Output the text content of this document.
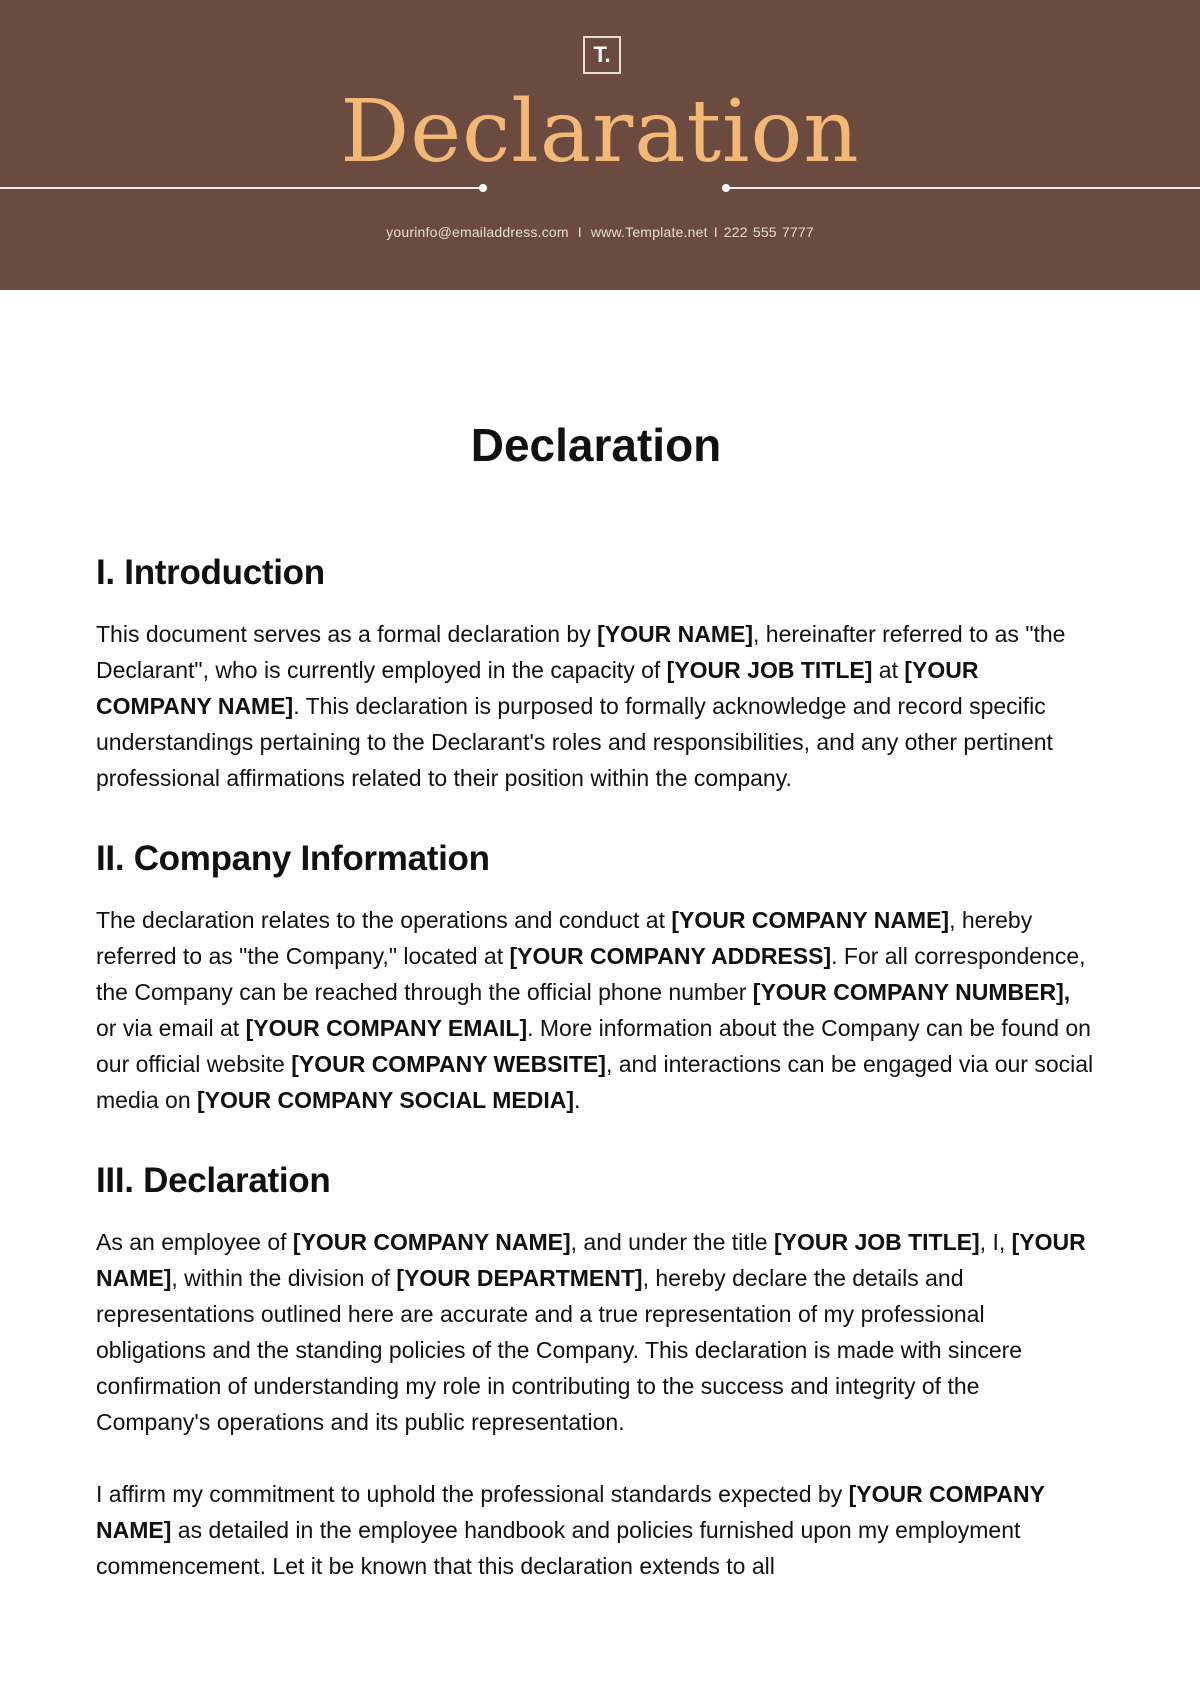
T.
Declaration
yourinfo@emailaddress.com I www.Template.net I 222 555 7777
Declaration
I. Introduction

This document serves as a formal declaration by [YOUR NAME], hereinafter referred to as "the Declarant", who is currently employed in the capacity of [YOUR JOB TITLE] at [YOUR COMPANY NAME]. This declaration is purposed to formally acknowledge and record specific understandings pertaining to the Declarant's roles and responsibilities, and any other pertinent professional affirmations related to their position within the company.

II. Company Information

The declaration relates to the operations and conduct at [YOUR COMPANY NAME], hereby referred to as "the Company," located at [YOUR COMPANY ADDRESS]. For all correspondence, the Company can be reached through the official phone number [YOUR COMPANY NUMBER], or via email at [YOUR COMPANY EMAIL]. More information about the Company can be found on our official website [YOUR COMPANY WEBSITE], and interactions can be engaged via our social media on [YOUR COMPANY SOCIAL MEDIA].

III. Declaration

As an employee of [YOUR COMPANY NAME], and under the title [YOUR JOB TITLE], I, [YOUR NAME], within the division of [YOUR DEPARTMENT], hereby declare the details and representations outlined here are accurate and a true representation of my professional obligations and the standing policies of the Company. This declaration is made with sincere confirmation of understanding my role in contributing to the success and integrity of the Company's operations and its public representation.

I affirm my commitment to uphold the professional standards expected by [YOUR COMPANY NAME] as detailed in the employee handbook and policies furnished upon my employment commencement. Let it be known that this declaration extends to all
